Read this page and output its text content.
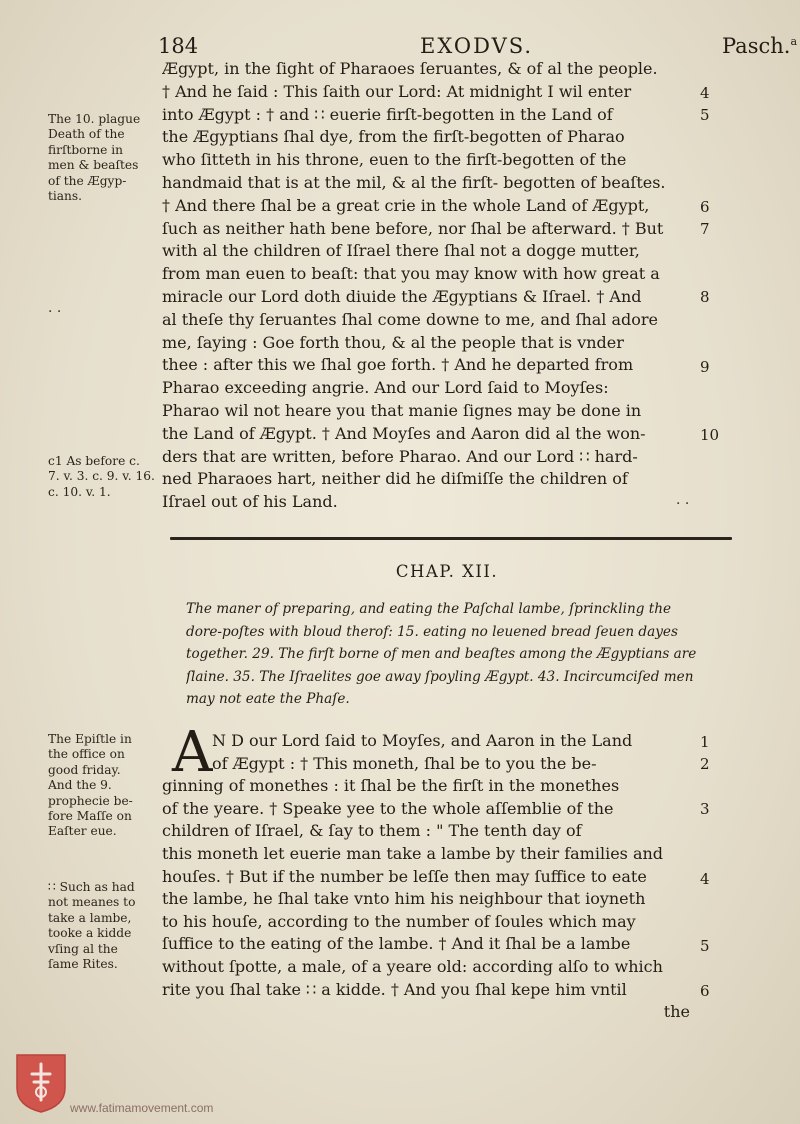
184	EXODVS.	Pasch.$^a$
Ægypt, in the ſight of Pharaoes ſeruantes, & of al the people.
† And he ſaid : This ſaith our Lord: At midnight I wil enter
into Ægypt : † and ∷ euerie firſt-begotten in the Land of
the Ægyptians ſhal dye, from the firſt-begotten of Pharao
who ſitteth in his throne, euen to the firſt-begotten of the
handmaid that is at the mil, & al the firſt- begotten of beaſtes.
† And there ſhal be a great crie in the whole Land of Ægypt,
ſuch as neither hath bene before, nor ſhal be afterward. † But
with al the children of Iſrael there ſhal not a dogge mutter,
from man euen to beaſt: that you may know with how great a
miracle our Lord doth diuide the Ægyptians & Iſrael. † And
al theſe thy ſeruantes ſhal come downe to me, and ſhal adore
me, ſaying : Goe forth thou, & al the people that is vnder
thee : after this we ſhal goe forth. † And he departed from
Pharao exceeding angrie. And our Lord ſaid to Moyſes:
Pharao wil not heare you that manie ſignes may be done in
the Land of Ægypt. † And Moyſes and Aaron did al the won-
ders that are written, before Pharao. And our Lord ∷ hard-
ned Pharaoes hart, neither did he diſmiſſe the children of
Iſrael out of his Land.
4
5
6
7
8
9
10
The 10. plague
Death of the
firſtborne in
men & beaſtes
of the Ægyp-
tians.
c1 As before c.
7. v. 3. c. 9. v. 16.
c. 10. v. 1.
· ·
· ·
CHAP. XII.
The maner of preparing, and eating the Paſchal lambe, ſprinckling the
dore-poſtes with bloud therof: 15. eating no leuened bread ſeuen dayes
together. 29. The firſt borne of men and beaſtes among the Ægyptians are
ſlaine. 35. The Iſraelites goe away ſpoyling Ægypt. 43. Incircumciſed men
may not eate the Phaſe.
A N D our Lord ſaid to Moyſes, and Aaron in the Land
of Ægypt : † This moneth, ſhal be to you the be-
ginning of monethes : it ſhal be the firſt in the monethes
of the yeare. † Speake yee to the whole aſſemblie of the
children of Iſrael, & ſay to them : " The tenth day of
this moneth let euerie man take a lambe by their families and
houſes. † But if the number be leſſe then may ſuffice to eate
the lambe, he ſhal take vnto him his neighbour that ioyneth
to his houſe, according to the number of ſoules which may
ſuffice to the eating of the lambe. † And it ſhal be a lambe
without ſpotte, a male, of a yeare old: according alſo to which
rite you ſhal take ∷ a kidde. † And you ſhal kepe him vntil
the
1
2
3
4
5
6
The Epiſtle in
the office on
good friday.
And the 9.
prophecie be-
fore Maſſe on
Eaſter eue.
∷ Such as had
not meanes to
take a lambe,
tooke a kidde
vſing al the
ſame Rites.
www.fatimamovement.com
